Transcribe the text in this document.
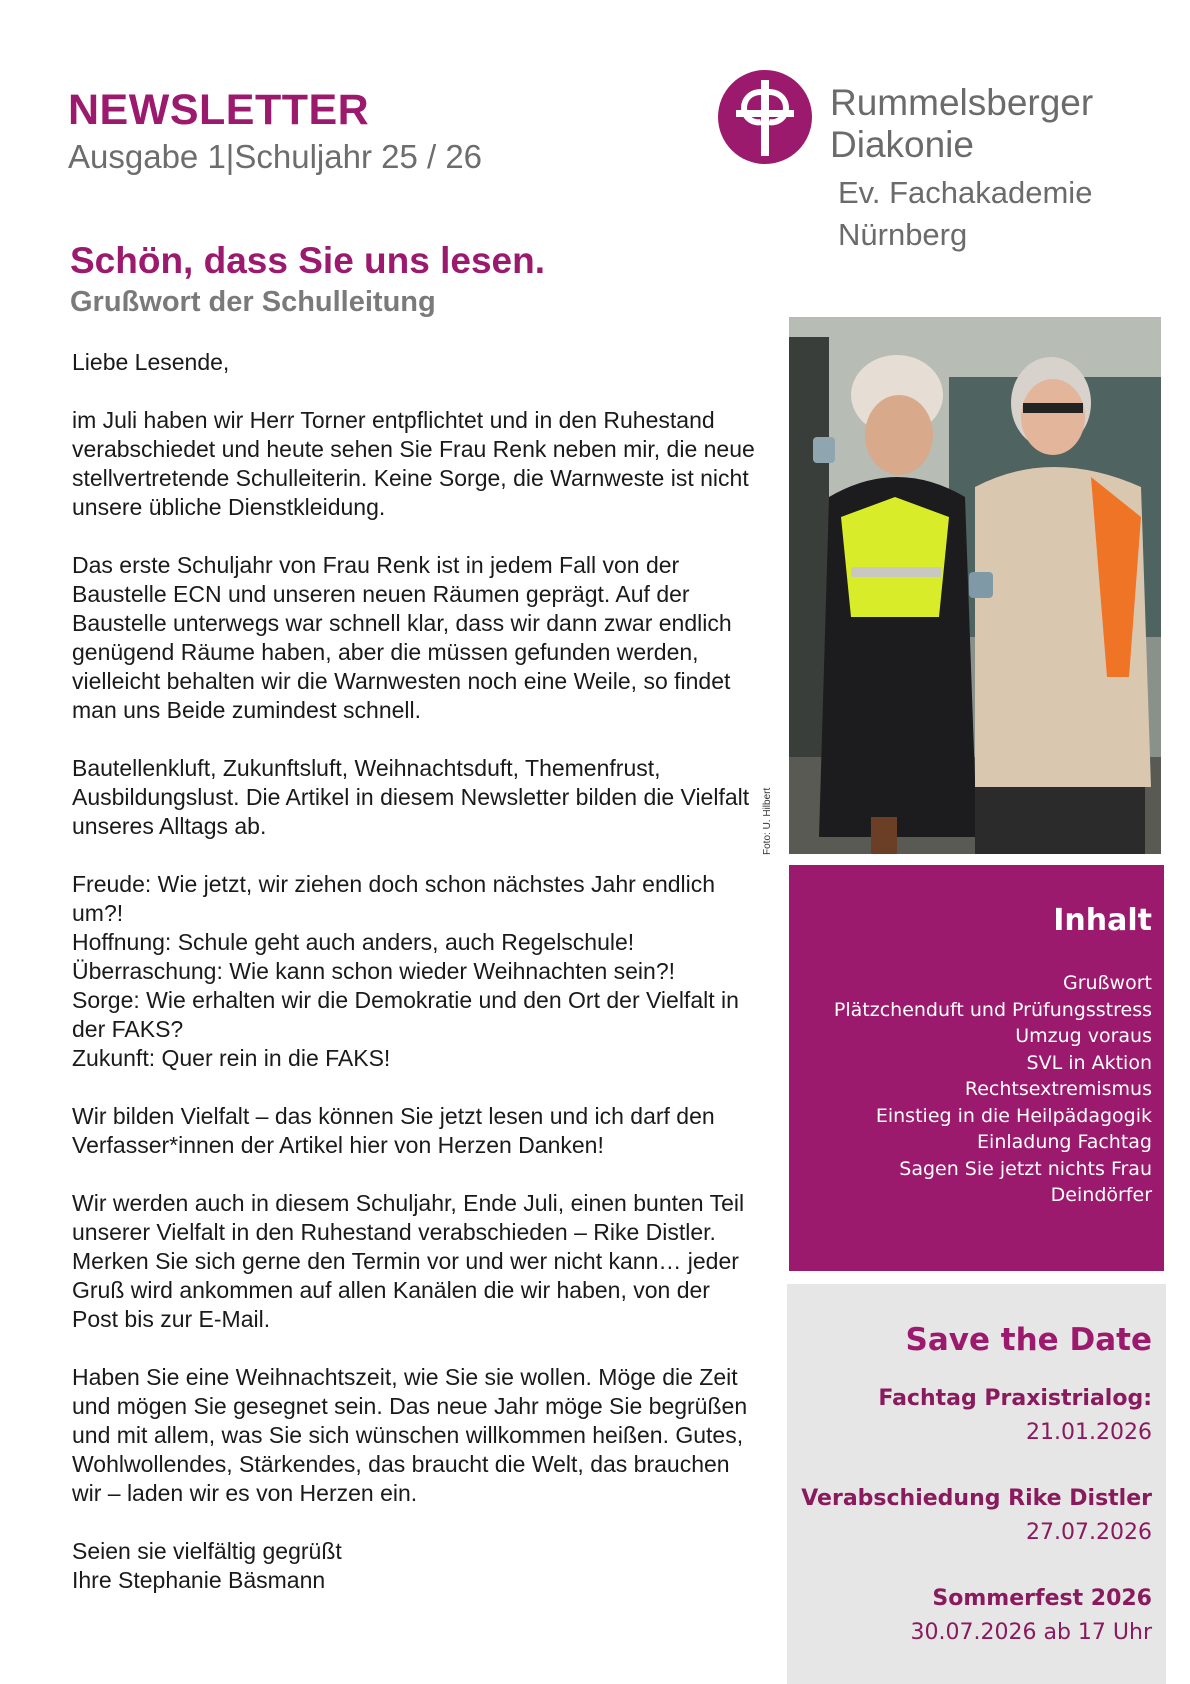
NEWSLETTER
Ausgabe 1|Schuljahr 25 / 26
Rummelsberger
Diakonie
Ev. Fachakademie
Nürnberg
Schön, dass Sie uns lesen.
Grußwort der Schulleitung

Liebe Lesende,

im Juli haben wir Herr Torner entpflichtet und in den Ruhestand verabschiedet und heute sehen Sie Frau Renk neben mir, die neue stellvertretende Schulleiterin. Keine Sorge, die Warnweste ist nicht unsere übliche Dienstkleidung.

Das erste Schuljahr von Frau Renk ist in jedem Fall von der Baustelle ECN und unseren neuen Räumen geprägt. Auf der Baustelle unterwegs war schnell klar, dass wir dann zwar endlich genügend Räume haben, aber die müssen gefunden werden, vielleicht behalten wir die Warnwesten noch eine Weile, so findet man uns Beide zumindest schnell.

Bautellenkluft, Zukunftsluft, Weihnachtsduft, Themenfrust, Ausbildungslust. Die Artikel in diesem Newsletter bilden die Vielfalt unseres Alltags ab.

Freude: Wie jetzt, wir ziehen doch schon nächstes Jahr endlich um?!
Hoffnung: Schule geht auch anders, auch Regelschule!
Überraschung: Wie kann schon wieder Weihnachten sein?!
Sorge: Wie erhalten wir die Demokratie und den Ort der Vielfalt in der FAKS?
Zukunft: Quer rein in die FAKS!

Wir bilden Vielfalt – das können Sie jetzt lesen und ich darf den Verfasser*innen der Artikel hier von Herzen Danken!

Wir werden auch in diesem Schuljahr, Ende Juli, einen bunten Teil unserer Vielfalt in den Ruhestand verabschieden – Rike Distler. Merken Sie sich gerne den Termin vor und wer nicht kann… jeder Gruß wird ankommen auf allen Kanälen die wir haben, von der Post bis zur E-Mail.

Haben Sie eine Weihnachtszeit, wie Sie sie wollen. Möge die Zeit und mögen Sie gesegnet sein. Das neue Jahr möge Sie begrüßen und mit allem, was Sie sich wünschen willkommen heißen. Gutes, Wohlwollendes, Stärkendes, das braucht die Welt, das brauchen wir – laden wir es von Herzen ein.

Seien sie vielfältig gegrüßt

Ihre Stephanie Bäsmann

Foto: U. Hilbert
Inhalt
Grußwort
Plätzchenduft und Prüfungsstress
Umzug voraus
SVL in Aktion
Rechtsextremismus
Einstieg in die Heilpädagogik
Einladung Fachtag
Sagen Sie jetzt nichts Frau Deindörfer
Save the Date
Fachtag Praxistrialog:
21.01.2026
Verabschiedung Rike Distler
27.07.2026
Sommerfest 2026
30.07.2026 ab 17 Uhr
